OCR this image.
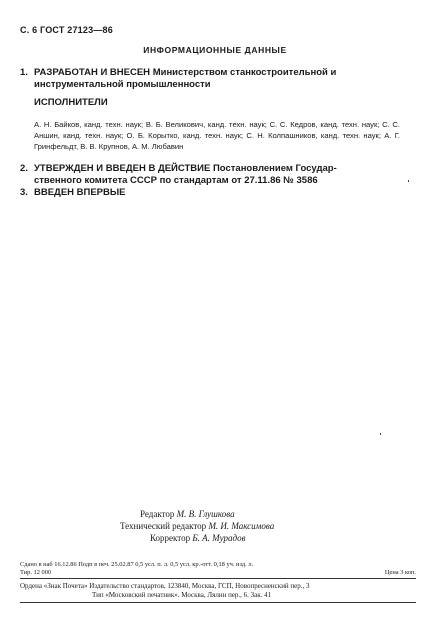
С. 6 ГОСТ 27123—86
ИНФОРМАЦИОННЫЕ ДАННЫЕ
1. РАЗРАБОТАН И ВНЕСЕН Министерством станкостроительной и
инструментальной промышленности
ИСПОЛНИТЕЛИ
А. Н. Байков, канд. техн. наук; В. Б. Великович, канд. техн. наук; С. С. Кедров, канд. техн. наук; С. С. Аншин, канд. техн. наук; О. Б. Корытко, канд. техн. наук; С. Н. Колпашников, канд. техн. наук; А. Г. Гринфельдт, В. В. Крупнов, А. М. Любавин
2. УТВЕРЖДЕН И ВВЕДЕН В ДЕЙСТВИЕ Постановлением Государ-
ственного комитета СССР по стандартам от 27.11.86 № 3586
3. ВВЕДЕН ВПЕРВЫЕ
Редактор М. В. Глушкова
Технический редактор М. И. Максимова
Корректор Б. А. Мурадов
Сдано в наб 16.12.86 Подп в печ. 25.02.87 0,5 усл. п. л. 0,5 усл. кр.-отт. 0,18 уч. изд. л.
Тир. 12 000	Цена 3 коп.
Ордена «Знак Почета» Издательство стандартов, 123840, Москва, ГСП, Новопресненский пер., 3
Тип «Московский печатник». Москва, Лялин пер., 6. Зак. 41
